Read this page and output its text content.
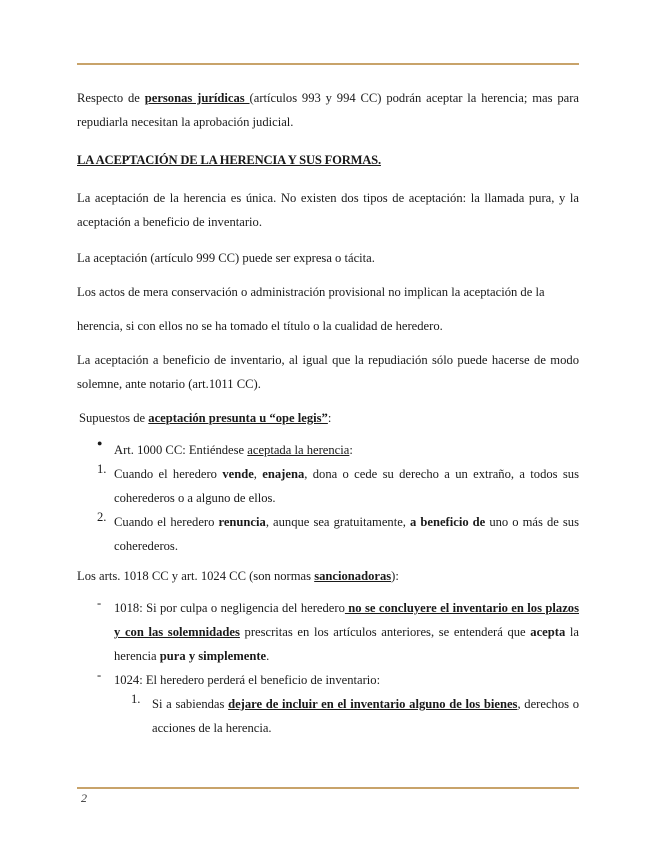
Respecto de personas jurídicas (artículos 993 y 994 CC) podrán aceptar la herencia; mas para repudiarla necesitan la aprobación judicial.

LA ACEPTACIÓN DE LA HERENCIA Y SUS FORMAS.

La aceptación de la herencia es única. No existen dos tipos de aceptación: la llamada pura, y la aceptación a beneficio de inventario.

La aceptación (artículo 999 CC) puede ser expresa o tácita.

Los actos de mera conservación o administración provisional no implican la aceptación de la

herencia, si con ellos no se ha tomado el título o la cualidad de heredero.

La aceptación a beneficio de inventario, al igual que la repudiación sólo puede hacerse de modo solemne, ante notario (art.1011 CC).

Supuestos de aceptación presunta u “ope legis”:

● Art. 1000 CC: Entiéndese aceptada la herencia:

1. Cuando el heredero vende, enajena, dona o cede su derecho a un extraño, a todos sus coherederos o a alguno de ellos.

2. Cuando el heredero renuncia, aunque sea gratuitamente, a beneficio de uno o más de sus coherederos.

Los arts. 1018 CC y art. 1024 CC (son normas sancionadoras):

-	1018: Si por culpa o negligencia del heredero no se concluyere el inventario en los plazos y con las solemnidades prescritas en los artículos anteriores, se entenderá que acepta la herencia pura y simplemente.

-	1024: El heredero perderá el beneficio de inventario:

1. Si a sabiendas dejare de incluir en el inventario alguno de los bienes, derechos o acciones de la herencia.

2
